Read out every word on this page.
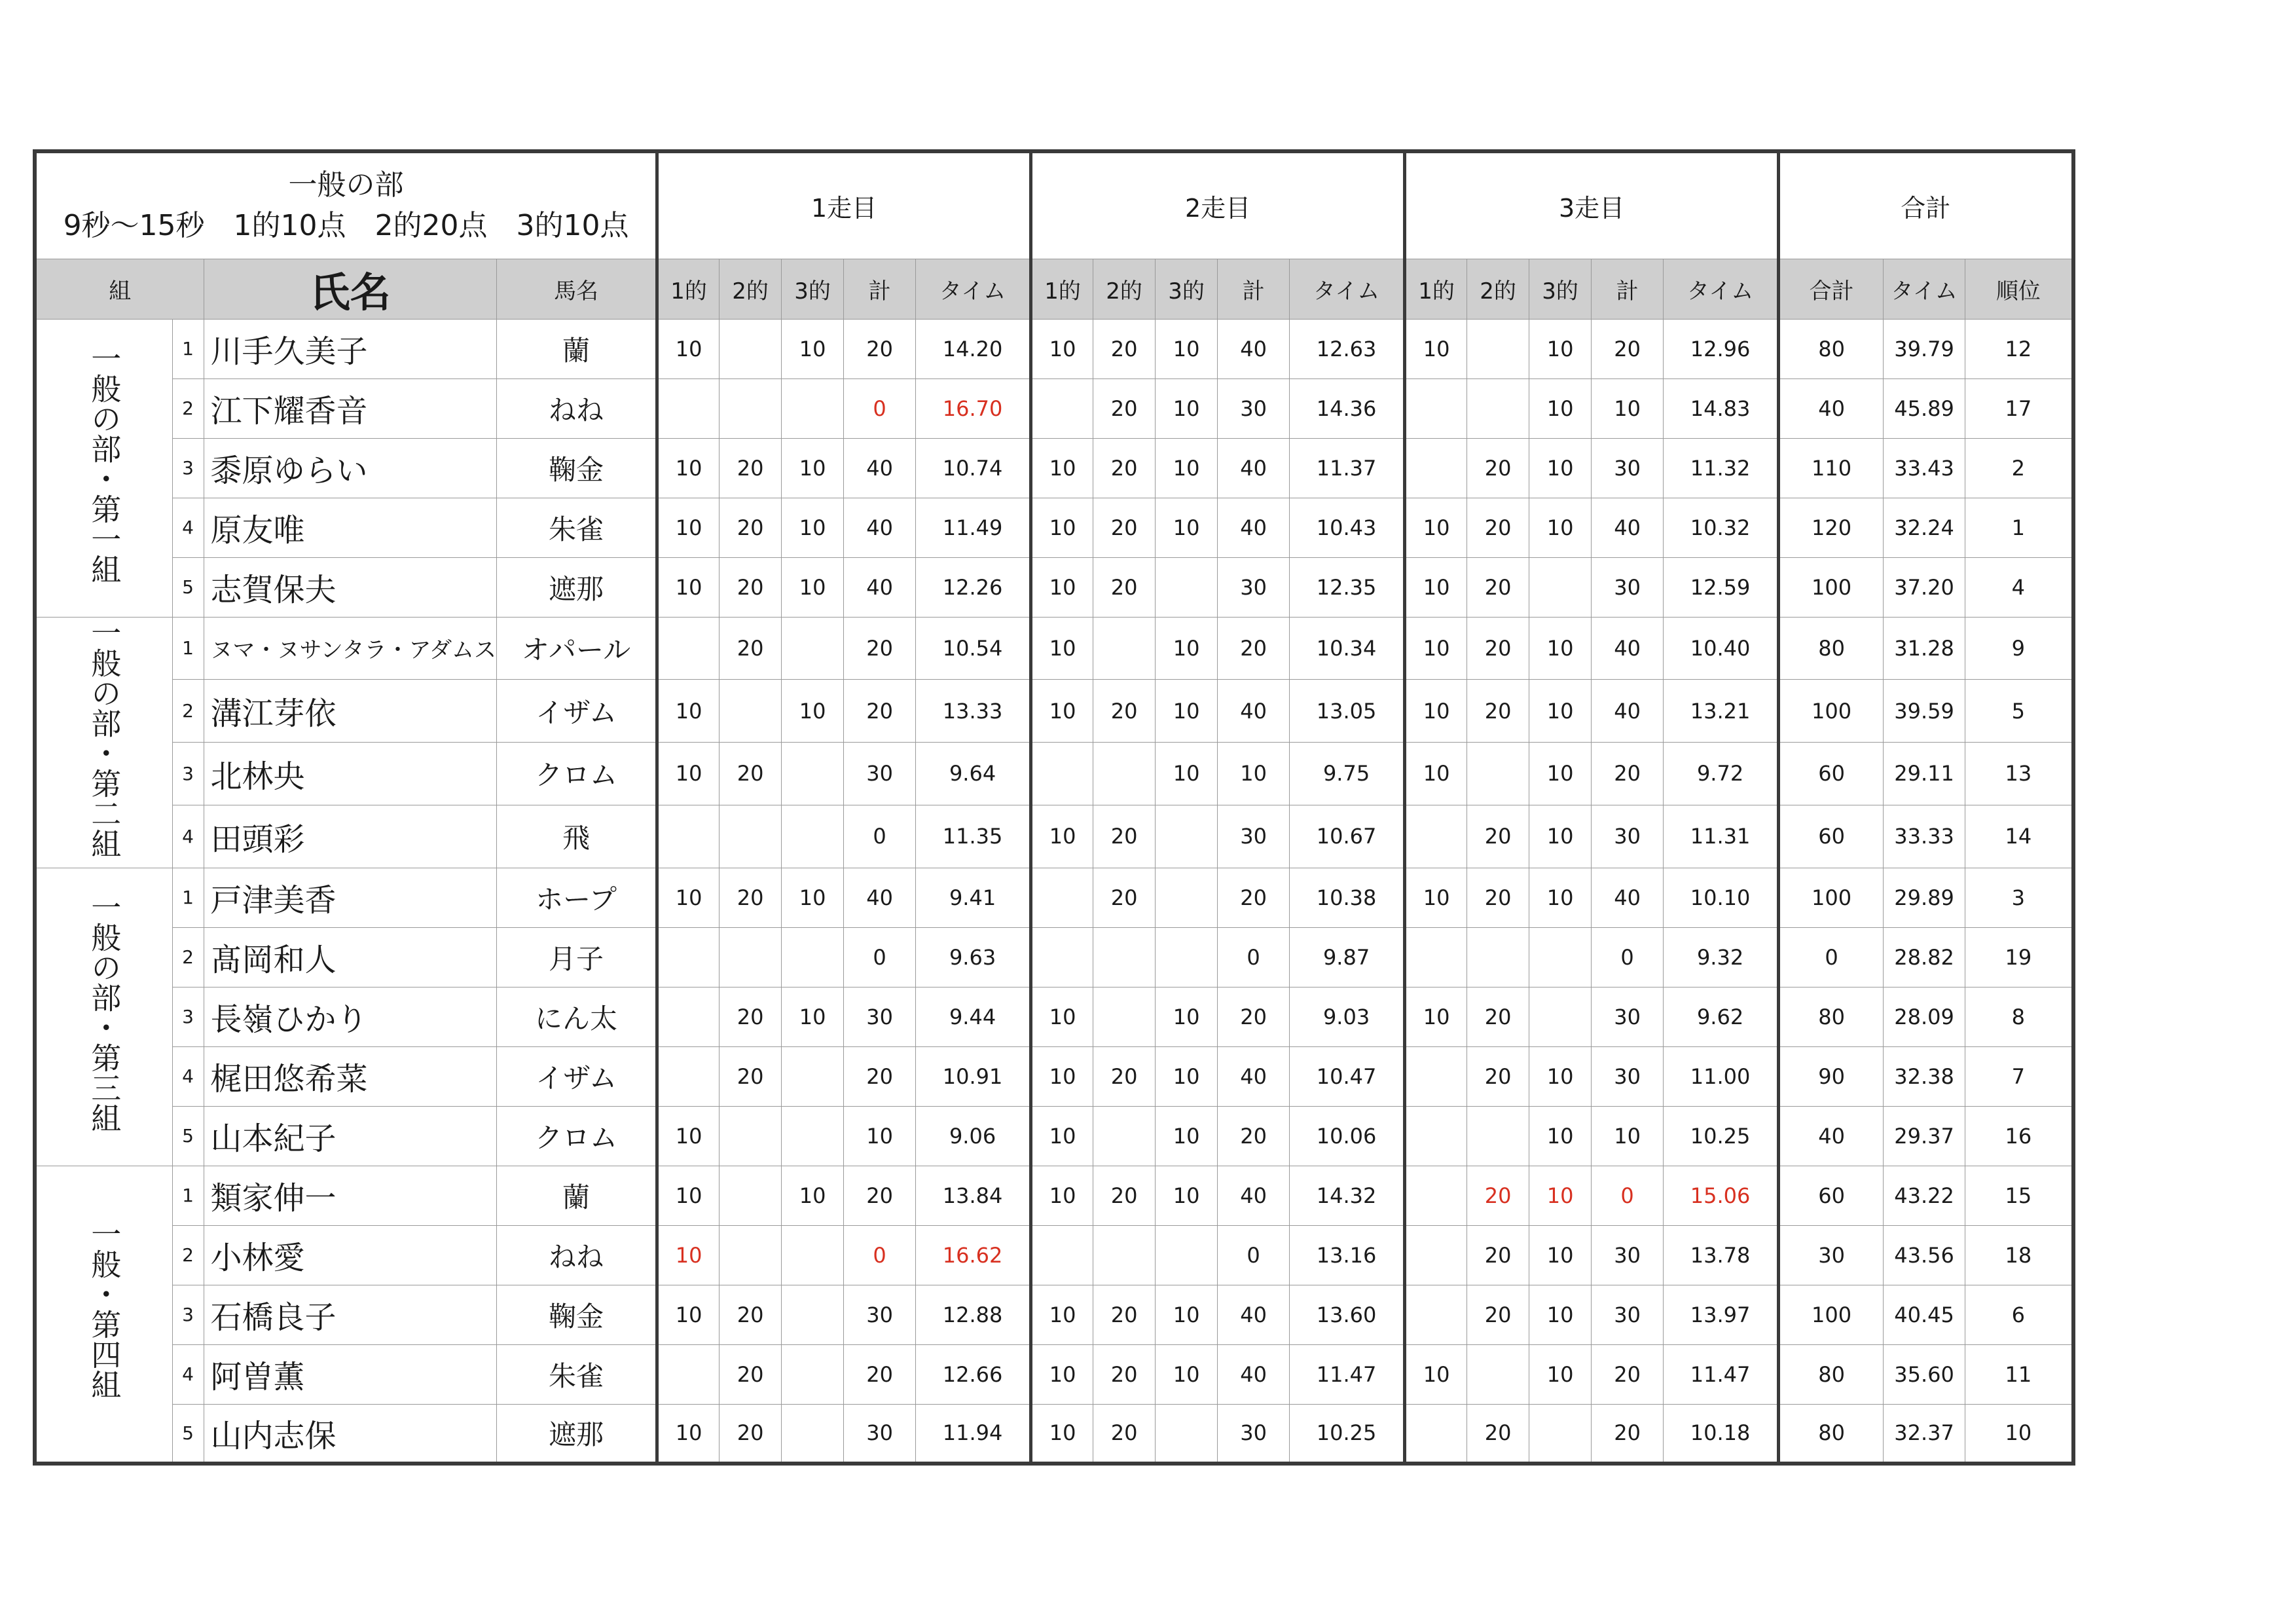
一般の部
9秒～15秒　1的10点　2的20点　3的10点				1走目					2走目					3走目					合計		
組		氏名	馬名	1的	2的	3的	計	タイム	1的	2的	3的	計	タイム	1的	2的	3的	計	タイム	合計	タイム	順位
一般の部・第一組	1	川手久美子	蘭	10		10	20	14.20	10	20	10	40	12.63	10		10	20	12.96	80	39.79	12
	2	江下耀香音	ねね				0	16.70		20	10	30	14.36			10	10	14.83	40	45.89	17
	3	黍原ゆらい	鞠金	10	20	10	40	10.74	10	20	10	40	11.37		20	10	30	11.32	110	33.43	2
	4	原友唯	朱雀	10	20	10	40	11.49	10	20	10	40	10.43	10	20	10	40	10.32	120	32.24	1
	5	志賀保夫	遮那	10	20	10	40	12.26	10	20		30	12.35	10	20		30	12.59	100	37.20	4
一般の部・第二組	1	ヌマ・ヌサンタラ・アダムス	オパール		20		20	10.54	10		10	20	10.34	10	20	10	40	10.40	80	31.28	9
	2	溝江芽依	イザム	10		10	20	13.33	10	20	10	40	13.05	10	20	10	40	13.21	100	39.59	5
	3	北林央	クロム	10	20		30	9.64			10	10	9.75	10		10	20	9.72	60	29.11	13
	4	田頭彩	飛				0	11.35	10	20		30	10.67		20	10	30	11.31	60	33.33	14
一般の部・第三組	1	戸津美香	ホープ	10	20	10	40	9.41		20		20	10.38	10	20	10	40	10.10	100	29.89	3
	2	髙岡和人	月子				0	9.63				0	9.87				0	9.32	0	28.82	19
	3	長嶺ひかり	にん太		20	10	30	9.44	10		10	20	9.03	10	20		30	9.62	80	28.09	8
	4	梶田悠希菜	イザム		20		20	10.91	10	20	10	40	10.47		20	10	30	11.00	90	32.38	7
	5	山本紀子	クロム	10			10	9.06	10		10	20	10.06			10	10	10.25	40	29.37	16
一般・第四組	1	類家伸一	蘭	10		10	20	13.84	10	20	10	40	14.32		20	10	0	15.06	60	43.22	15
	2	小林愛	ねね	10			0	16.62				0	13.16		20	10	30	13.78	30	43.56	18
	3	石橋良子	鞠金	10	20		30	12.88	10	20	10	40	13.60		20	10	30	13.97	100	40.45	6
	4	阿曽薫	朱雀		20		20	12.66	10	20	10	40	11.47	10		10	20	11.47	80	35.60	11
	5	山内志保	遮那	10	20		30	11.94	10	20		30	10.25		20		20	10.18	80	32.37	10
